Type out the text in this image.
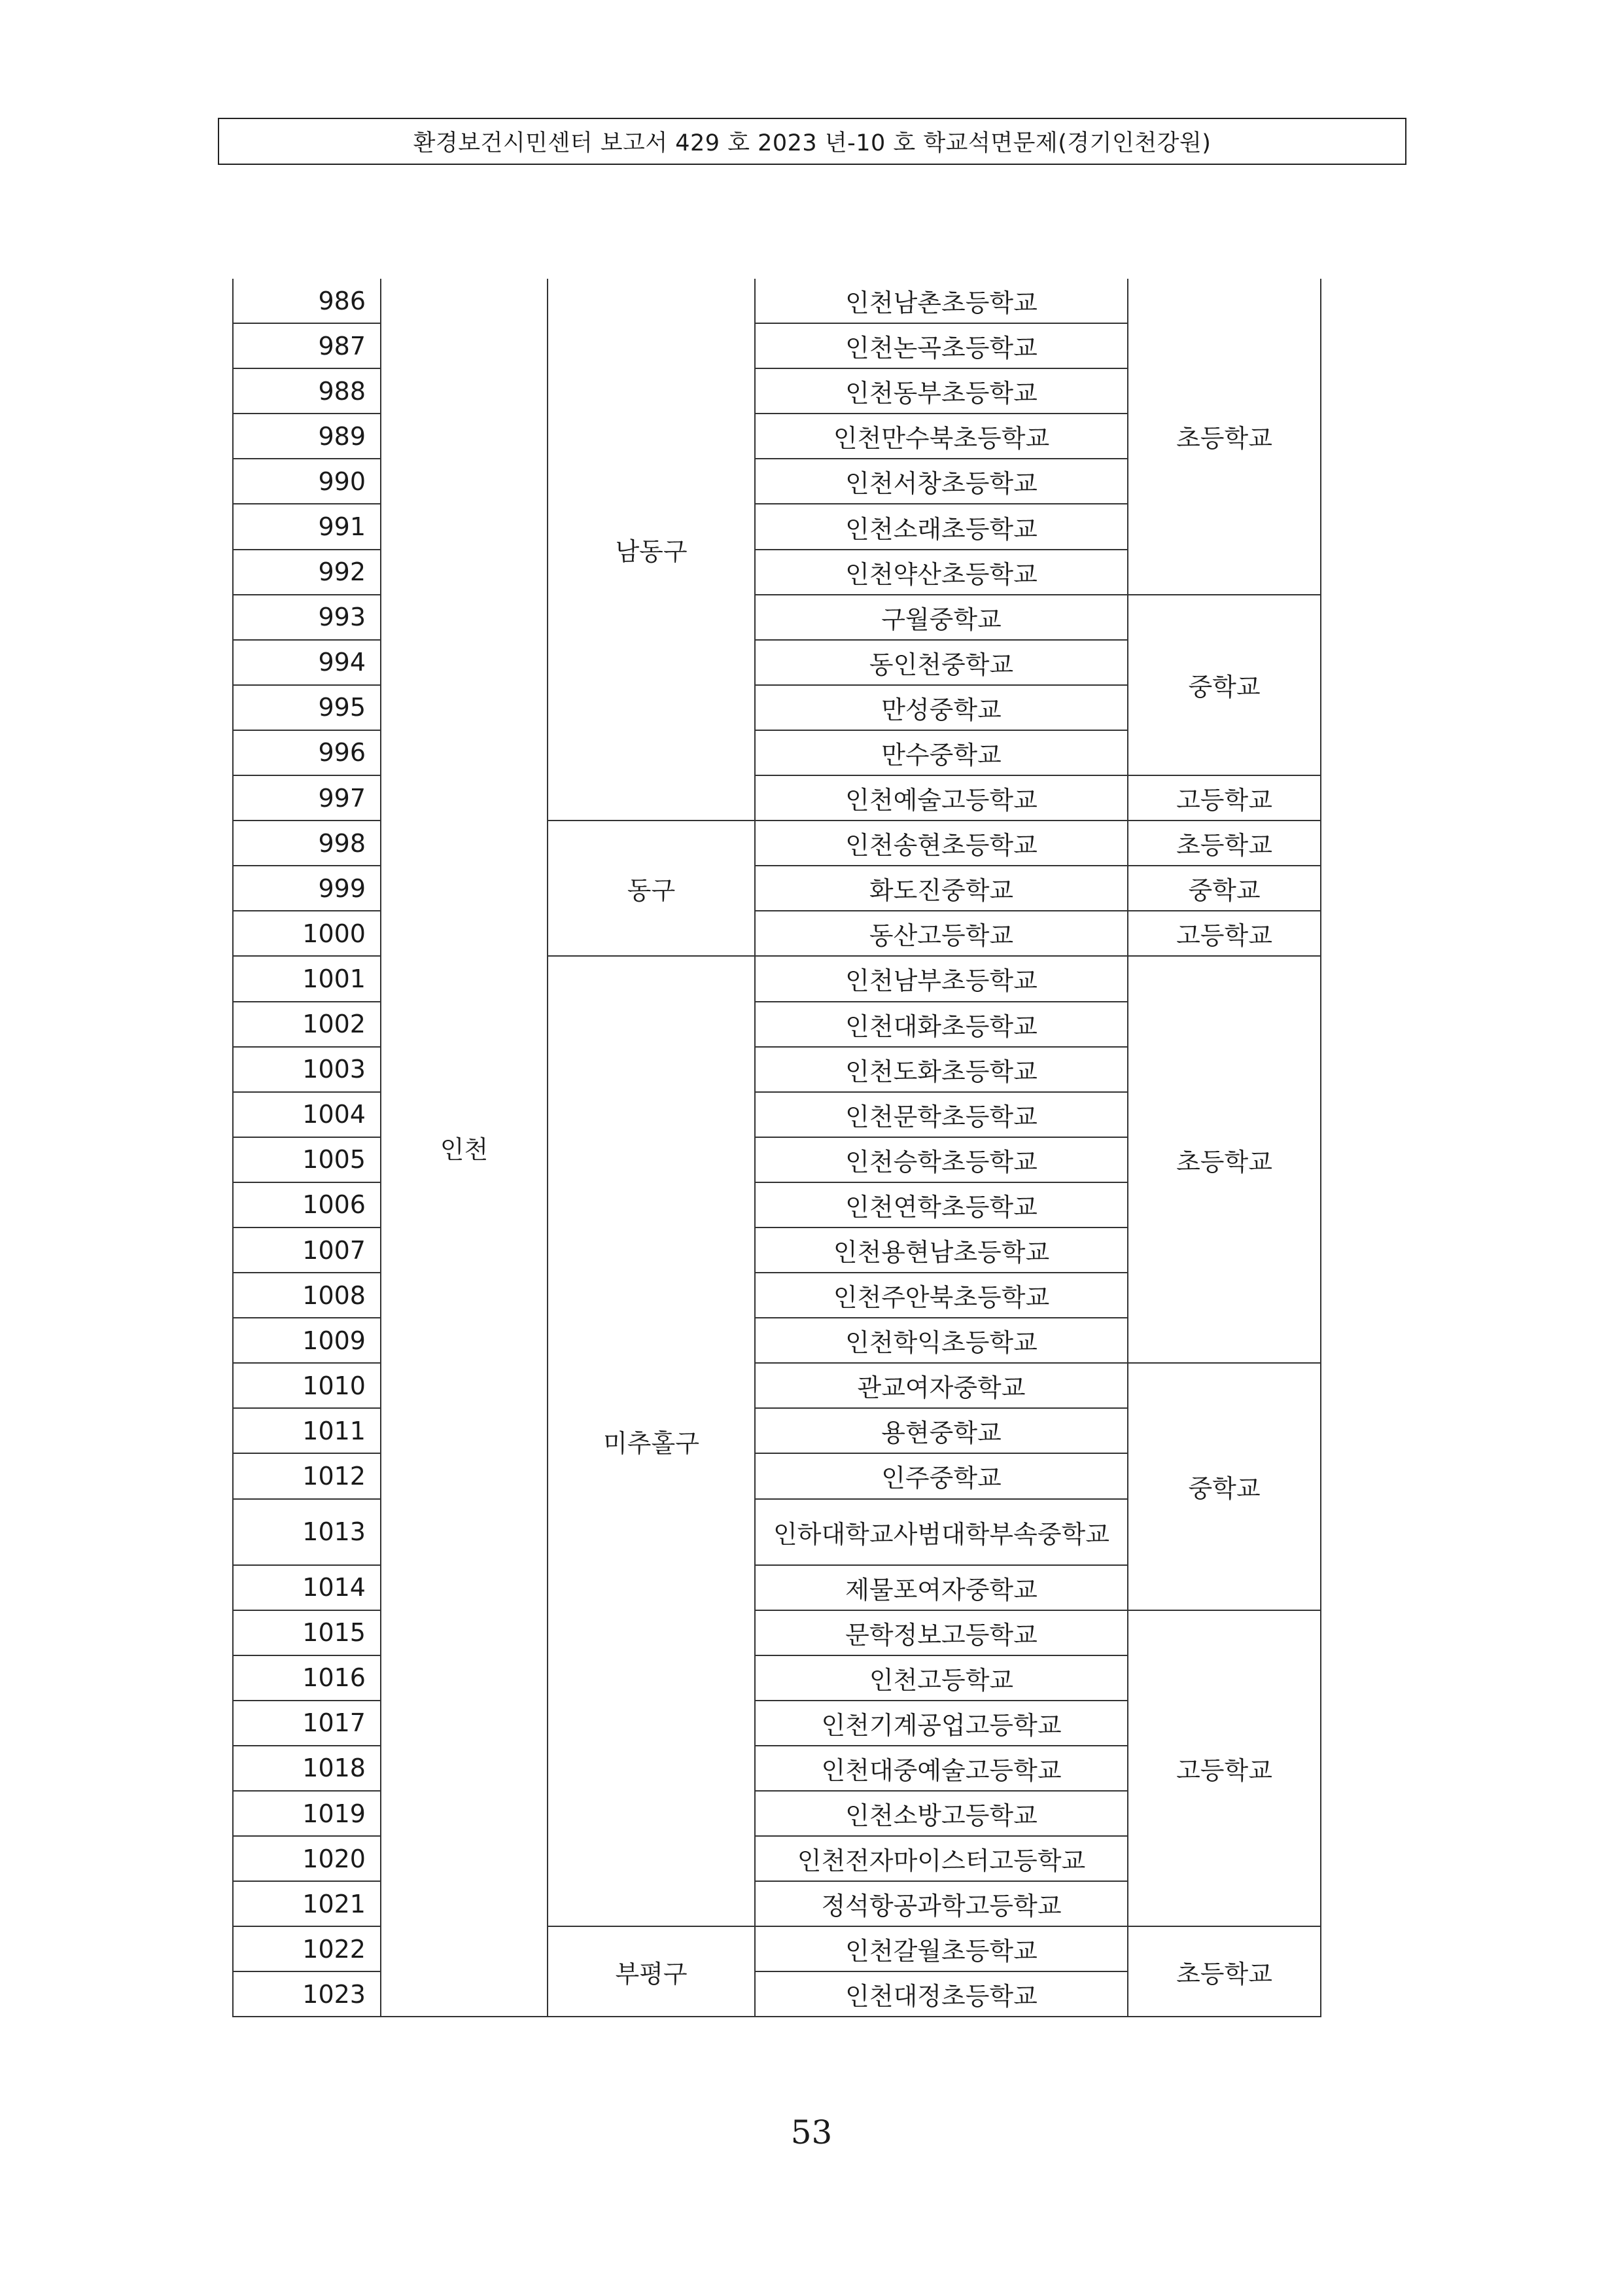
환경보건시민센터 보고서 429 호 2023 년-10 호 학교석면문제(경기인천강원)
986	인천	남동구	인천남촌초등학교	초등학교
987			인천논곡초등학교	
988			인천동부초등학교	
989			인천만수북초등학교	
990			인천서창초등학교	
991			인천소래초등학교	
992			인천약산초등학교	
993			구월중학교	중학교
994			동인천중학교	
995			만성중학교	
996			만수중학교	
997			인천예술고등학교	고등학교
998		동구	인천송현초등학교	초등학교
999			화도진중학교	중학교
1000			동산고등학교	고등학교
1001		미추홀구	인천남부초등학교	초등학교
1002			인천대화초등학교	
1003			인천도화초등학교	
1004			인천문학초등학교	
1005			인천승학초등학교	
1006			인천연학초등학교	
1007			인천용현남초등학교	
1008			인천주안북초등학교	
1009			인천학익초등학교	
1010			관교여자중학교	중학교
1011			용현중학교	
1012			인주중학교	
1013			인하대학교사범대학부속중학교	
1014			제물포여자중학교	
1015			문학정보고등학교	고등학교
1016			인천고등학교	
1017			인천기계공업고등학교	
1018			인천대중예술고등학교	
1019			인천소방고등학교	
1020			인천전자마이스터고등학교	
1021			정석항공과학고등학교	
1022		부평구	인천갈월초등학교	초등학교
1023			인천대정초등학교	
53
